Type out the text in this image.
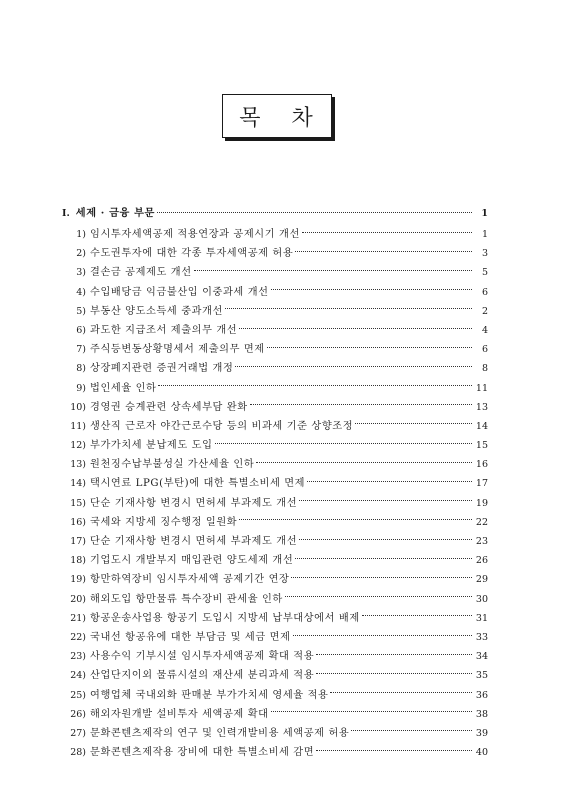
목 차
Ⅰ. 세제 · 금융 부문	1
1) 임시투자세액공제 적용연장과 공제시기 개선	1
2) 수도권투자에 대한 각종 투자세액공제 허용	3
3) 결손금 공제제도 개선	5
4) 수입배당금 익금불산입 이중과세 개선	6
5) 부동산 양도소득세 중과개선	2
6) 과도한 지급조서 제출의무 개선	4
7) 주식등변동상황명세서 제출의무 면제	6
8) 상장폐지관련 증권거래법 개정	8
9) 법인세율 인하	11
10) 경영권 승계관련 상속세부담 완화	13
11) 생산직 근로자 야간근로수당 등의 비과세 기준 상향조정	14
12) 부가가치세 분납제도 도입	15
13) 원천징수납부불성실 가산세율 인하	16
14) 택시연료 LPG(부탄)에 대한 특별소비세 면제	17
15) 단순 기재사항 변경시 면허세 부과제도 개선	19
16) 국세와 지방세 징수행정 일원화	22
17) 단순 기재사항 변경시 면허세 부과제도 개선	23
18) 기업도시 개발부지 매입관련 양도세제 개선	26
19) 항만하역장비 임시투자세액 공제기간 연장	29
20) 해외도입 항만물류 특수장비 관세율 인하	30
21) 항공운송사업용 항공기 도입시 지방세 납부대상에서 배제	31
22) 국내선 항공유에 대한 부담금 및 세금 면제	33
23) 사용수익 기부시설 임시투자세액공제 확대 적용	34
24) 산업단지이외 물류시설의 재산세 분리과세 적용	35
25) 여행업체 국내외화 판매분 부가가치세 영세율 적용	36
26) 해외자원개발 설비투자 세액공제 확대	38
27) 문화콘텐츠제작의 연구 및 인력개발비용 세액공제 허용	39
28) 문화콘텐츠제작용 장비에 대한 특별소비세 감면	40
